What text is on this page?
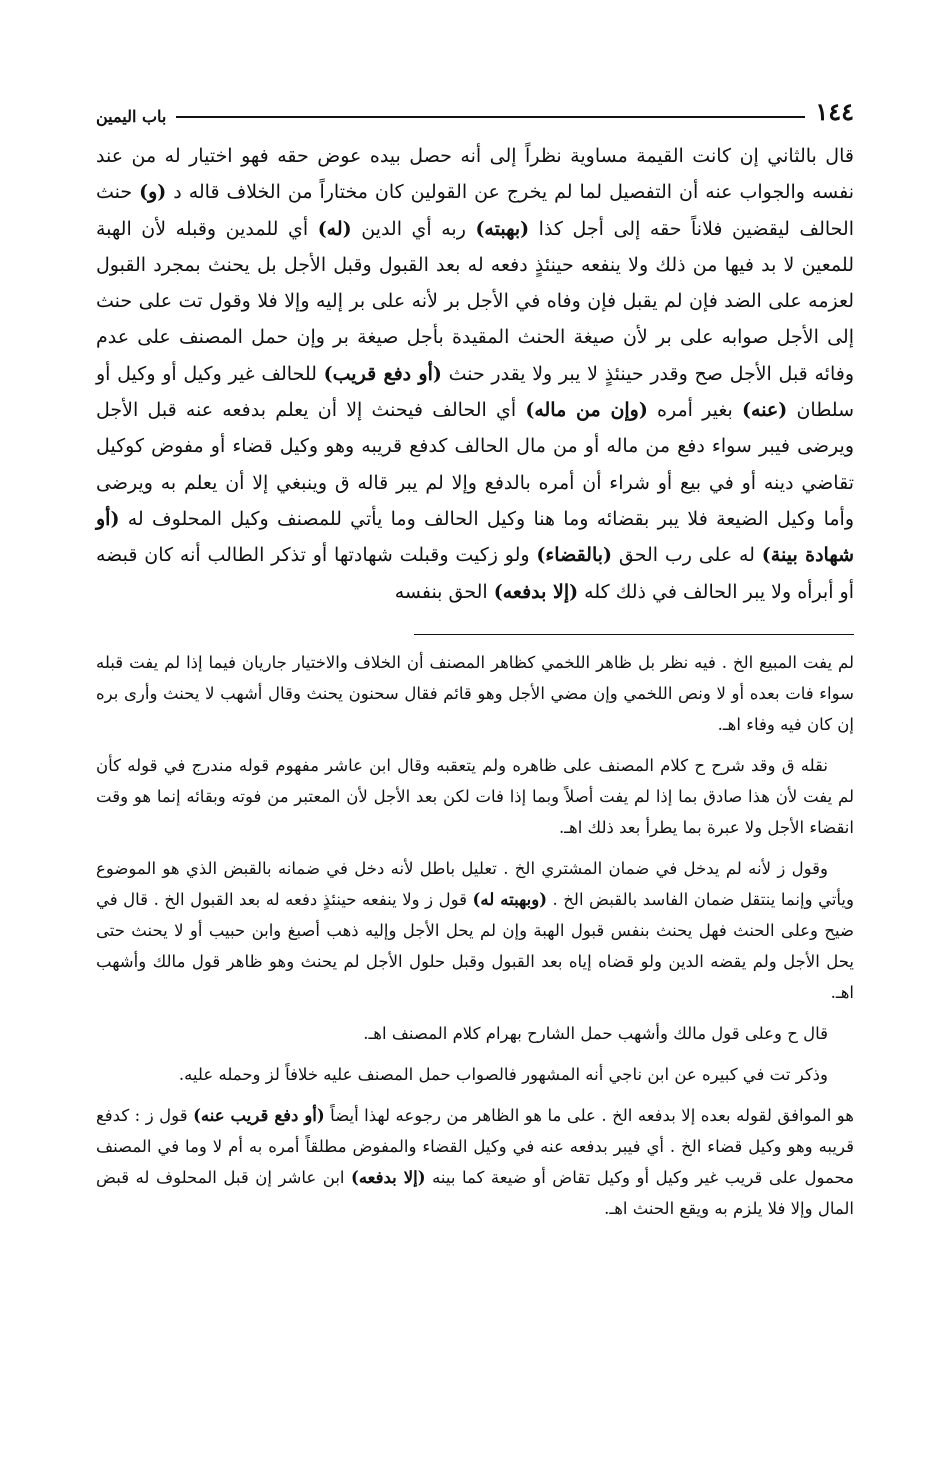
١٤٤
باب اليمين

قال بالثاني إن كانت القيمة مساوية نظراً إلى أنه حصل بيده عوض حقه فهو اختيار له من عند نفسه والجواب عنه أن التفصيل لما لم يخرج عن القولين كان مختاراً من الخلاف قاله د (و) حنث الحالف ليقضين فلاناً حقه إلى أجل كذا (بهبته) ربه أي الدين (له) أي للمدين وقبله لأن الهبة للمعين لا بد فيها من ذلك ولا ينفعه حينئذٍ دفعه له بعد القبول وقبل الأجل بل يحنث بمجرد القبول لعزمه على الضد فإن لم يقبل فإن وفاه في الأجل بر لأنه على بر إليه وإلا فلا وقول تت على حنث إلى الأجل صوابه على بر لأن صيغة الحنث المقيدة بأجل صيغة بر وإن حمل المصنف على عدم وفائه قبل الأجل صح وقدر حينئذٍ لا يبر ولا يقدر حنث (أو دفع قريب) للحالف غير وكيل أو وكيل أو سلطان (عنه) بغير أمره (وإن من ماله) أي الحالف فيحنث إلا أن يعلم بدفعه عنه قبل الأجل ويرضى فيبر سواء دفع من ماله أو من مال الحالف كدفع قريبه وهو وكيل قضاء أو مفوض كوكيل تقاضي دينه أو في بيع أو شراء أن أمره بالدفع وإلا لم يبر قاله ق وينبغي إلا أن يعلم به ويرضى وأما وكيل الضيعة فلا يبر بقضائه وما هنا وكيل الحالف وما يأتي للمصنف وكيل المحلوف له (أو شهادة بينة) له على رب الحق (بالقضاء) ولو زكيت وقبلت شهادتها أو تذكر الطالب أنه كان قبضه أو أبرأه ولا يبر الحالف في ذلك كله (إلا بدفعه) الحق بنفسه

لم يفت المبيع الخ . فيه نظر بل ظاهر اللخمي كظاهر المصنف أن الخلاف والاختيار جاريان فيما إذا لم يفت قبله سواء فات بعده أو لا ونص اللخمي وإن مضي الأجل وهو قائم فقال سحنون يحنث وقال أشهب لا يحنث وأرى بره إن كان فيه وفاء اهـ.

نقله ق وقد شرح ح كلام المصنف على ظاهره ولم يتعقبه وقال ابن عاشر مفهوم قوله مندرج في قوله كأن لم يفت لأن هذا صادق بما إذا لم يفت أصلاً وبما إذا فات لكن بعد الأجل لأن المعتبر من فوته وبقائه إنما هو وقت انقضاء الأجل ولا عبرة بما يطرأ بعد ذلك اهـ.

وقول ز لأنه لم يدخل في ضمان المشتري الخ . تعليل باطل لأنه دخل في ضمانه بالقبض الذي هو الموضوع ويأتي وإنما ينتقل ضمان الفاسد بالقبض الخ . (وبهبته له) قول ز ولا ينفعه حينئذٍ دفعه له بعد القبول الخ . قال في ضيح وعلى الحنث فهل يحنث بنفس قبول الهبة وإن لم يحل الأجل وإليه ذهب أصبغ وابن حبيب أو لا يحنث حتى يحل الأجل ولم يقضه الدين ولو قضاه إياه بعد القبول وقبل حلول الأجل لم يحنث وهو ظاهر قول مالك وأشهب اهـ.

قال ح وعلى قول مالك وأشهب حمل الشارح بهرام كلام المصنف اهـ.

وذكر تت في كبيره عن ابن ناجي أنه المشهور فالصواب حمل المصنف عليه خلافاً لز وحمله عليه.

هو الموافق لقوله بعده إلا بدفعه الخ . على ما هو الظاهر من رجوعه لهذا أيضاً (أو دفع قريب عنه) قول ز : كدفع قريبه وهو وكيل قضاء الخ . أي فيبر بدفعه عنه في وكيل القضاء والمفوض مطلقاً أمره به أم لا وما في المصنف محمول على قريب غير وكيل أو وكيل تقاض أو ضيعة كما بينه (إلا بدفعه) ابن عاشر إن قبل المحلوف له قبض المال وإلا فلا يلزم به ويقع الحنث اهـ.
